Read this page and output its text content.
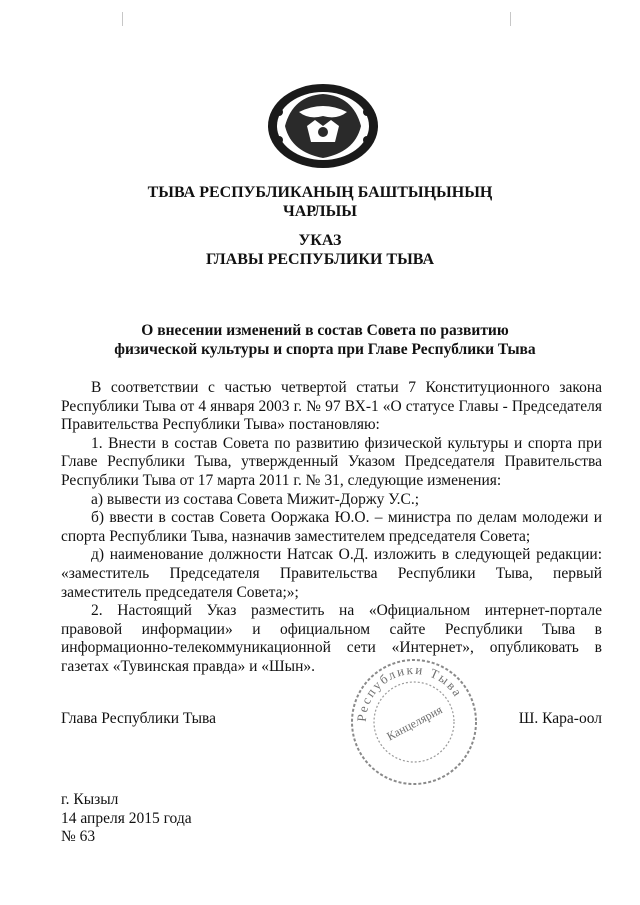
ТЫВА РЕСПУБЛИКАНЫҢ БАШТЫҢЫНЫҢ
ЧАРЛЫЫ
УКАЗ
ГЛАВЫ РЕСПУБЛИКИ ТЫВА
О внесении изменений в состав Совета по развитию
физической культуры и спорта при Главе Республики Тыва

В соответствии с частью четвертой статьи 7 Конституционного закона Республики Тыва от 4 января 2003 г. № 97 ВХ-1 «О статусе Главы - Председателя Правительства Республики Тыва» постановляю:

1. Внести в состав Совета по развитию физической культуры и спорта при Главе Республики Тыва, утвержденный Указом Председателя Правительства Республики Тыва от 17 марта 2011 г. № 31, следующие изменения:

а) вывести из состава Совета Мижит-Доржу У.С.;

б) ввести в состав Совета Ооржака Ю.О. – министра по делам молодежи и спорта Республики Тыва, назначив заместителем председателя Совета;

д) наименование должности Натсак О.Д. изложить в следующей редакции: «заместитель Председателя Правительства Республики Тыва, первый заместитель председателя Совета;»;

2. Настоящий Указ разместить на «Официальном интернет-портале правовой информации» и официальном сайте Республики Тыва в информационно-телекоммуникационной сети «Интернет», опубликовать в газетах «Тувинская правда» и «Шын».

Республики Тыва
Канцелярия
Глава Республики Тыва	Ш. Кара-оол
г. Кызыл
14 апреля 2015 года
№ 63
